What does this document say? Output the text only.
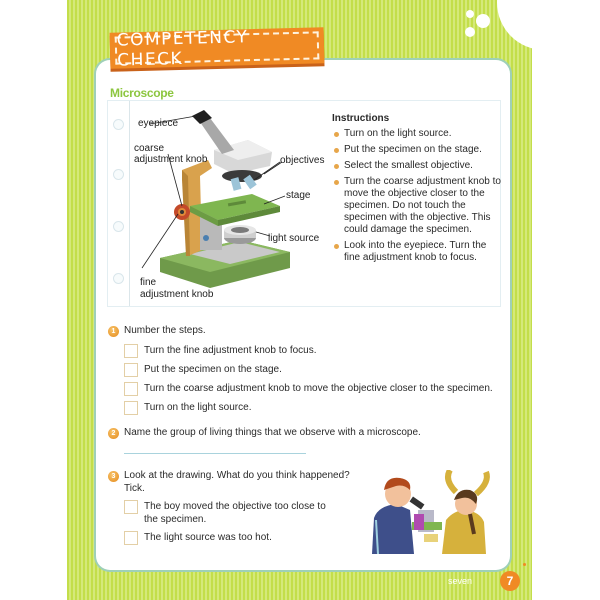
COMPETENCY CHECK
Microscope
eyepiece
coarse
adjustment knob	objectives
stage
light source
fine
adjustment knob
Instructions
Turn on the light source.
Put the specimen on the stage.
Select the smallest objective.
Turn the coarse adjustment knob to move the objective closer to the specimen. Do not touch the specimen with the objective. This could damage the specimen.
Look into the eyepiece. Turn the fine adjustment knob to focus.
1 Number the steps.
Turn the fine adjustment knob to focus.
Put the specimen on the stage.
Turn the coarse adjustment knob to move the objective closer to the specimen.
Turn on the light source.
2 Name the group of living things that we observe with a microscope.
3 Look at the drawing. What do you think happened?
Tick.
The boy moved the objective too close to
the specimen.
The light source was too hot.
seven	7
